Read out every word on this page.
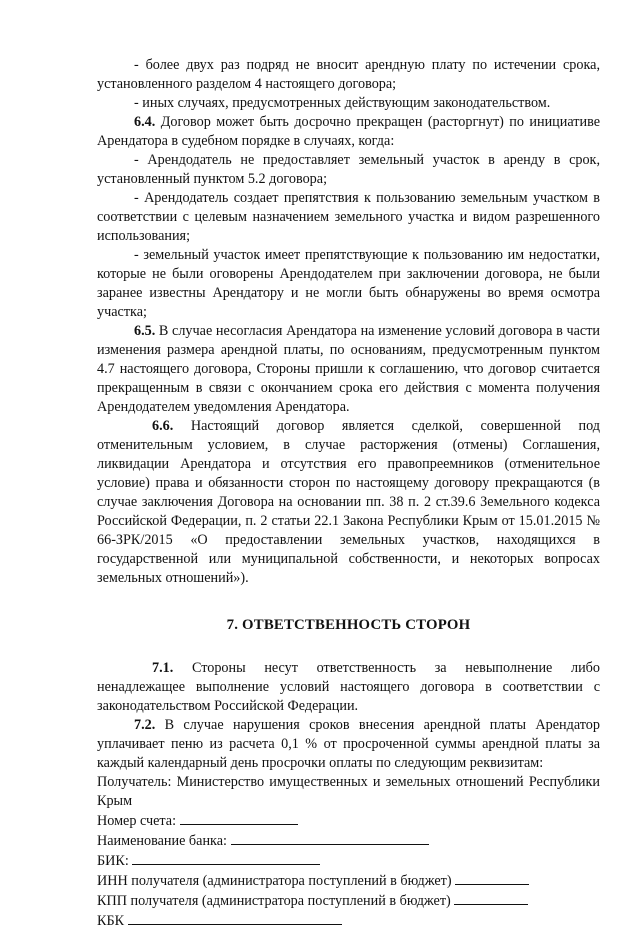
- более двух раз подряд не вносит арендную плату по истечении срока, установленного разделом 4 настоящего договора;

- иных случаях, предусмотренных действующим законодательством.

6.4. Договор может быть досрочно прекращен (расторгнут) по инициативе Арендатора в судебном порядке в случаях, когда:

- Арендодатель не предоставляет земельный участок в аренду в срок, установленный пунктом 5.2 договора;

- Арендодатель создает препятствия к пользованию земельным участком в соответствии с целевым назначением земельного участка и видом разрешенного использования;

- земельный участок имеет препятствующие к пользованию им недостатки, которые не были оговорены Арендодателем при заключении договора, не были заранее известны Арендатору и не могли быть обнаружены во время осмотра участка;

6.5. В случае несогласия Арендатора на изменение условий договора в части изменения размера арендной платы, по основаниям, предусмотренным пунктом 4.7 настоящего договора, Стороны пришли к соглашению, что договор считается прекращенным в связи с окончанием срока его действия с момента получения Арендодателем уведомления Арендатора.

6.6. Настоящий договор является сделкой, совершенной под отменительным условием, в случае расторжения (отмены) Соглашения, ликвидации Арендатора и отсутствия его правопреемников (отменительное условие) права и обязанности сторон по настоящему договору прекращаются (в случае заключения Договора на основании пп. 38 п. 2 ст.39.6 Земельного кодекса Российской Федерации, п. 2 статьи 22.1 Закона Республики Крым от 15.01.2015 № 66-ЗРК/2015 «О предоставлении земельных участков, находящихся в государственной или муниципальной собственности, и некоторых вопросах земельных отношений»).

7. ОТВЕТСТВЕННОСТЬ СТОРОН

7.1. Стороны несут ответственность за невыполнение либо ненадлежащее выполнение условий настоящего договора в соответствии с законодательством Российской Федерации.

7.2. В случае нарушения сроков внесения арендной платы Арендатор уплачивает пеню из расчета 0,1 % от просроченной суммы арендной платы за каждый календарный день просрочки оплаты по следующим реквизитам:

Получатель: Министерство имущественных и земельных отношений Республики Крым

Номер счета:

Наименование банка:

БИК:

ИНН получателя (администратора поступлений в бюджет)

КПП получателя (администратора поступлений в бюджет)

КБК
